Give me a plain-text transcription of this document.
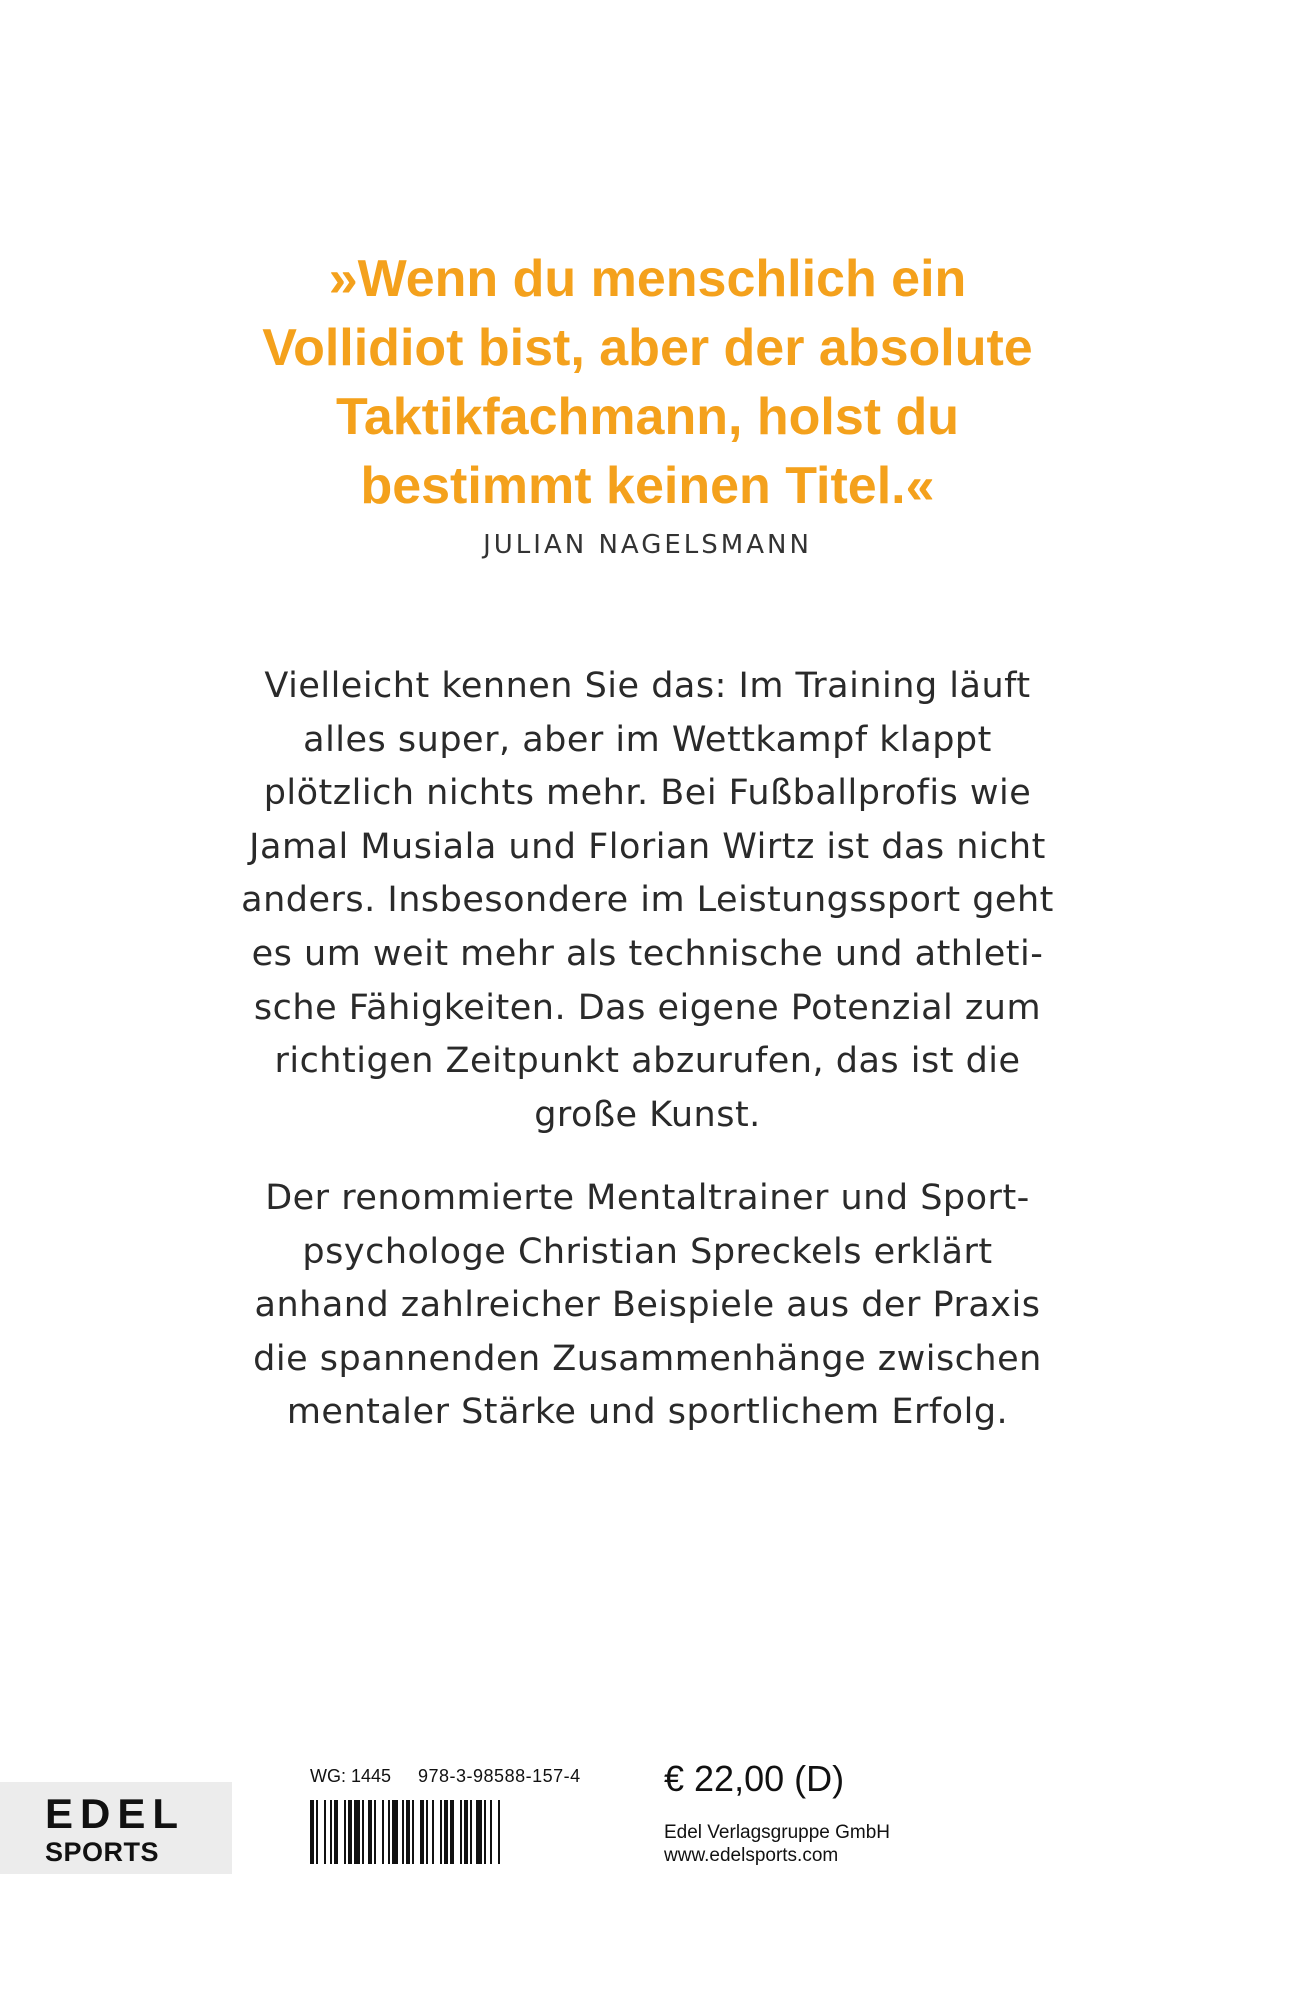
»Wenn du menschlich ein
Vollidiot bist, aber der absolute
Taktikfachmann, holst du
bestimmt keinen Titel.«
JULIAN NAGELSMANN
Vielleicht kennen Sie das: Im Training läuft
alles super, aber im Wettkampf klappt
plötzlich nichts mehr. Bei Fußballprofis wie
Jamal Musiala und Florian Wirtz ist das nicht
anders. Insbesondere im Leistungssport geht
es um weit mehr als technische und athleti-
sche Fähigkeiten. Das eigene Potenzial zum
richtigen Zeitpunkt abzurufen, das ist die
große Kunst.
Der renommierte Mentaltrainer und Sport-
psychologe Christian Spreckels erklärt
anhand zahlreicher Beispiele aus der Praxis
die spannenden Zusammenhänge zwischen
mentaler Stärke und sportlichem Erfolg.
EDEL
SPORTS
WG: 1445 978-3-98588-157-4 € 22,00 (D)
Edel Verlagsgruppe GmbH
www.edelsports.com
